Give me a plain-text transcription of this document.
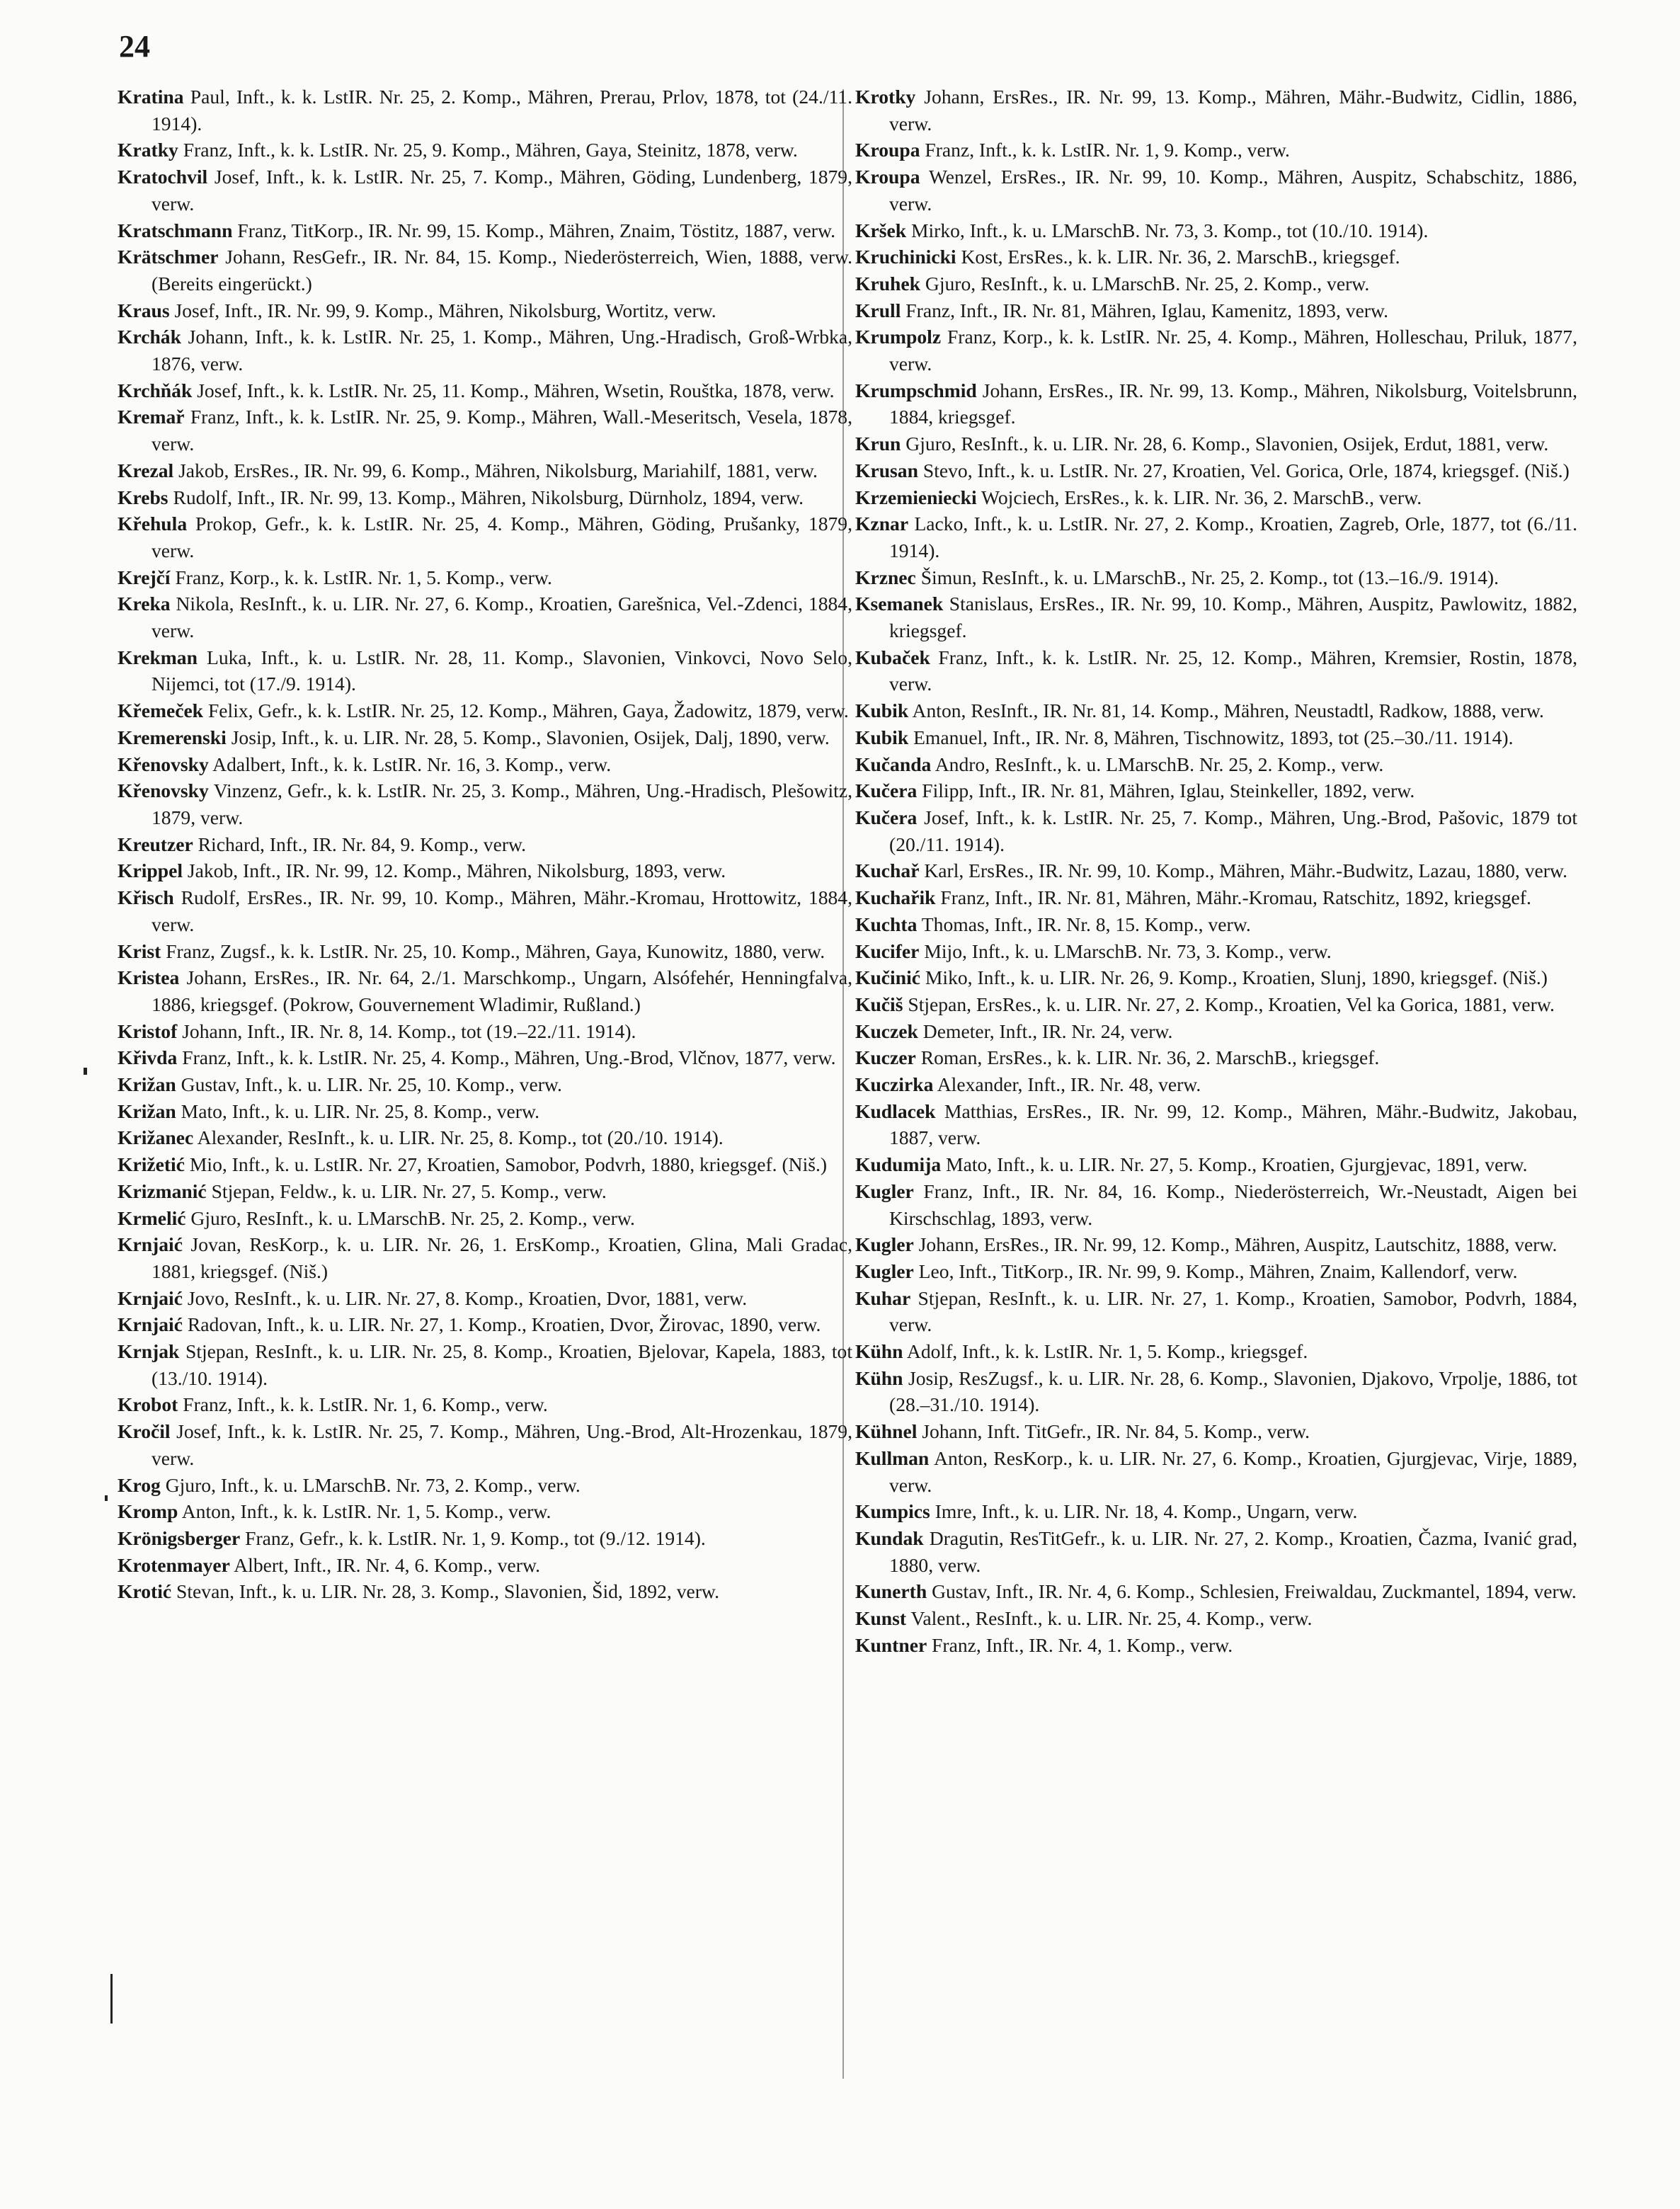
24

Kratina Paul, Inft., k. k. LstIR. Nr. 25, 2. Komp., Mähren, Prerau, Prlov, 1878, tot (24./11. 1914).

Kratky Franz, Inft., k. k. LstIR. Nr. 25, 9. Komp., Mähren, Gaya, Steinitz, 1878, verw.

Kratochvil Josef, Inft., k. k. LstIR. Nr. 25, 7. Komp., Mähren, Göding, Lundenberg, 1879, verw.

Kratschmann Franz, TitKorp., IR. Nr. 99, 15. Komp., Mähren, Znaim, Töstitz, 1887, verw.

Krätschmer Johann, ResGefr., IR. Nr. 84, 15. Komp., Niederösterreich, Wien, 1888, verw. (Bereits eingerückt.)

Kraus Josef, Inft., IR. Nr. 99, 9. Komp., Mähren, Nikolsburg, Wortitz, verw.

Krchák Johann, Inft., k. k. LstIR. Nr. 25, 1. Komp., Mähren, Ung.-Hradisch, Groß-Wrbka, 1876, verw.

Krchňák Josef, Inft., k. k. LstIR. Nr. 25, 11. Komp., Mähren, Wsetin, Rouštka, 1878, verw.

Kremař Franz, Inft., k. k. LstIR. Nr. 25, 9. Komp., Mähren, Wall.-Meseritsch, Vesela, 1878, verw.

Krezal Jakob, ErsRes., IR. Nr. 99, 6. Komp., Mähren, Nikolsburg, Mariahilf, 1881, verw.

Krebs Rudolf, Inft., IR. Nr. 99, 13. Komp., Mähren, Nikolsburg, Dürnholz, 1894, verw.

Křehula Prokop, Gefr., k. k. LstIR. Nr. 25, 4. Komp., Mähren, Göding, Prušanky, 1879, verw.

Krejčí Franz, Korp., k. k. LstIR. Nr. 1, 5. Komp., verw.

Kreka Nikola, ResInft., k. u. LIR. Nr. 27, 6. Komp., Kroatien, Garešnica, Vel.-Zdenci, 1884, verw.

Krekman Luka, Inft., k. u. LstIR. Nr. 28, 11. Komp., Slavonien, Vinkovci, Novo Selo, Nijemci, tot (17./9. 1914).

Křemeček Felix, Gefr., k. k. LstIR. Nr. 25, 12. Komp., Mähren, Gaya, Žadowitz, 1879, verw.

Kremerenski Josip, Inft., k. u. LIR. Nr. 28, 5. Komp., Slavonien, Osijek, Dalj, 1890, verw.

Křenovsky Adalbert, Inft., k. k. LstIR. Nr. 16, 3. Komp., verw.

Křenovsky Vinzenz, Gefr., k. k. LstIR. Nr. 25, 3. Komp., Mähren, Ung.-Hradisch, Plešowitz, 1879, verw.

Kreutzer Richard, Inft., IR. Nr. 84, 9. Komp., verw.

Krippel Jakob, Inft., IR. Nr. 99, 12. Komp., Mähren, Nikolsburg, 1893, verw.

Křisch Rudolf, ErsRes., IR. Nr. 99, 10. Komp., Mähren, Mähr.-Kromau, Hrottowitz, 1884, verw.

Krist Franz, Zugsf., k. k. LstIR. Nr. 25, 10. Komp., Mähren, Gaya, Kunowitz, 1880, verw.

Kristea Johann, ErsRes., IR. Nr. 64, 2./1. Marschkomp., Ungarn, Alsófehér, Henningfalva, 1886, kriegsgef. (Pokrow, Gouvernement Wladimir, Rußland.)

Kristof Johann, Inft., IR. Nr. 8, 14. Komp., tot (19.–22./11. 1914).

Křivda Franz, Inft., k. k. LstIR. Nr. 25, 4. Komp., Mähren, Ung.-Brod, Vlčnov, 1877, verw.

Križan Gustav, Inft., k. u. LIR. Nr. 25, 10. Komp., verw.

Križan Mato, Inft., k. u. LIR. Nr. 25, 8. Komp., verw.

Križanec Alexander, ResInft., k. u. LIR. Nr. 25, 8. Komp., tot (20./10. 1914).

Križetić Mio, Inft., k. u. LstIR. Nr. 27, Kroatien, Samobor, Podvrh, 1880, kriegsgef. (Niš.)

Krizmanić Stjepan, Feldw., k. u. LIR. Nr. 27, 5. Komp., verw.

Krmelić Gjuro, ResInft., k. u. LMarschB. Nr. 25, 2. Komp., verw.

Krnjaić Jovan, ResKorp., k. u. LIR. Nr. 26, 1. ErsKomp., Kroatien, Glina, Mali Gradac, 1881, kriegsgef. (Niš.)

Krnjaić Jovo, ResInft., k. u. LIR. Nr. 27, 8. Komp., Kroatien, Dvor, 1881, verw.

Krnjaić Radovan, Inft., k. u. LIR. Nr. 27, 1. Komp., Kroatien, Dvor, Žirovac, 1890, verw.

Krnjak Stjepan, ResInft., k. u. LIR. Nr. 25, 8. Komp., Kroatien, Bjelovar, Kapela, 1883, tot (13./10. 1914).

Krobot Franz, Inft., k. k. LstIR. Nr. 1, 6. Komp., verw.

Kročil Josef, Inft., k. k. LstIR. Nr. 25, 7. Komp., Mähren, Ung.-Brod, Alt-Hrozenkau, 1879, verw.

Krog Gjuro, Inft., k. u. LMarschB. Nr. 73, 2. Komp., verw.

Kromp Anton, Inft., k. k. LstIR. Nr. 1, 5. Komp., verw.

Krönigsberger Franz, Gefr., k. k. LstIR. Nr. 1, 9. Komp., tot (9./12. 1914).

Krotenmayer Albert, Inft., IR. Nr. 4, 6. Komp., verw.

Krotić Stevan, Inft., k. u. LIR. Nr. 28, 3. Komp., Slavonien, Šid, 1892, verw.

Krotky Johann, ErsRes., IR. Nr. 99, 13. Komp., Mähren, Mähr.-Budwitz, Cidlin, 1886, verw.

Kroupa Franz, Inft., k. k. LstIR. Nr. 1, 9. Komp., verw.

Kroupa Wenzel, ErsRes., IR. Nr. 99, 10. Komp., Mähren, Auspitz, Schabschitz, 1886, verw.

Kršek Mirko, Inft., k. u. LMarschB. Nr. 73, 3. Komp., tot (10./10. 1914).

Kruchinicki Kost, ErsRes., k. k. LIR. Nr. 36, 2. MarschB., kriegsgef.

Kruhek Gjuro, ResInft., k. u. LMarschB. Nr. 25, 2. Komp., verw.

Krull Franz, Inft., IR. Nr. 81, Mähren, Iglau, Kamenitz, 1893, verw.

Krumpolz Franz, Korp., k. k. LstIR. Nr. 25, 4. Komp., Mähren, Holleschau, Priluk, 1877, verw.

Krumpschmid Johann, ErsRes., IR. Nr. 99, 13. Komp., Mähren, Nikolsburg, Voitelsbrunn, 1884, kriegsgef.

Krun Gjuro, ResInft., k. u. LIR. Nr. 28, 6. Komp., Slavonien, Osijek, Erdut, 1881, verw.

Krusan Stevo, Inft., k. u. LstIR. Nr. 27, Kroatien, Vel. Gorica, Orle, 1874, kriegsgef. (Niš.)

Krzemieniecki Wojciech, ErsRes., k. k. LIR. Nr. 36, 2. MarschB., verw.

Kznar Lacko, Inft., k. u. LstIR. Nr. 27, 2. Komp., Kroatien, Zagreb, Orle, 1877, tot (6./11. 1914).

Krznec Šimun, ResInft., k. u. LMarschB., Nr. 25, 2. Komp., tot (13.–16./9. 1914).

Ksemanek Stanislaus, ErsRes., IR. Nr. 99, 10. Komp., Mähren, Auspitz, Pawlowitz, 1882, kriegsgef.

Kubaček Franz, Inft., k. k. LstIR. Nr. 25, 12. Komp., Mähren, Kremsier, Rostin, 1878, verw.

Kubik Anton, ResInft., IR. Nr. 81, 14. Komp., Mähren, Neustadtl, Radkow, 1888, verw.

Kubik Emanuel, Inft., IR. Nr. 8, Mähren, Tischnowitz, 1893, tot (25.–30./11. 1914).

Kučanda Andro, ResInft., k. u. LMarschB. Nr. 25, 2. Komp., verw.

Kučera Filipp, Inft., IR. Nr. 81, Mähren, Iglau, Steinkeller, 1892, verw.

Kučera Josef, Inft., k. k. LstIR. Nr. 25, 7. Komp., Mähren, Ung.-Brod, Pašovic, 1879 tot (20./11. 1914).

Kuchař Karl, ErsRes., IR. Nr. 99, 10. Komp., Mähren, Mähr.-Budwitz, Lazau, 1880, verw.

Kuchařik Franz, Inft., IR. Nr. 81, Mähren, Mähr.-Kromau, Ratschitz, 1892, kriegsgef.

Kuchta Thomas, Inft., IR. Nr. 8, 15. Komp., verw.

Kucifer Mijo, Inft., k. u. LMarschB. Nr. 73, 3. Komp., verw.

Kučinić Miko, Inft., k. u. LIR. Nr. 26, 9. Komp., Kroatien, Slunj, 1890, kriegsgef. (Niš.)

Kučiš Stjepan, ErsRes., k. u. LIR. Nr. 27, 2. Komp., Kroatien, Vel ka Gorica, 1881, verw.

Kuczek Demeter, Inft., IR. Nr. 24, verw.

Kuczer Roman, ErsRes., k. k. LIR. Nr. 36, 2. MarschB., kriegsgef.

Kuczirka Alexander, Inft., IR. Nr. 48, verw.

Kudlacek Matthias, ErsRes., IR. Nr. 99, 12. Komp., Mähren, Mähr.-Budwitz, Jakobau, 1887, verw.

Kudumija Mato, Inft., k. u. LIR. Nr. 27, 5. Komp., Kroatien, Gjurgjevac, 1891, verw.

Kugler Franz, Inft., IR. Nr. 84, 16. Komp., Niederösterreich, Wr.-Neustadt, Aigen bei Kirschschlag, 1893, verw.

Kugler Johann, ErsRes., IR. Nr. 99, 12. Komp., Mähren, Auspitz, Lautschitz, 1888, verw.

Kugler Leo, Inft., TitKorp., IR. Nr. 99, 9. Komp., Mähren, Znaim, Kallendorf, verw.

Kuhar Stjepan, ResInft., k. u. LIR. Nr. 27, 1. Komp., Kroatien, Samobor, Podvrh, 1884, verw.

Kühn Adolf, Inft., k. k. LstIR. Nr. 1, 5. Komp., kriegsgef.

Kühn Josip, ResZugsf., k. u. LIR. Nr. 28, 6. Komp., Slavonien, Djakovo, Vrpolje, 1886, tot (28.–31./10. 1914).

Kühnel Johann, Inft. TitGefr., IR. Nr. 84, 5. Komp., verw.

Kullman Anton, ResKorp., k. u. LIR. Nr. 27, 6. Komp., Kroatien, Gjurgjevac, Virje, 1889, verw.

Kumpics Imre, Inft., k. u. LIR. Nr. 18, 4. Komp., Ungarn, verw.

Kundak Dragutin, ResTitGefr., k. u. LIR. Nr. 27, 2. Komp., Kroatien, Čazma, Ivanić grad, 1880, verw.

Kunerth Gustav, Inft., IR. Nr. 4, 6. Komp., Schlesien, Freiwaldau, Zuckmantel, 1894, verw.

Kunst Valent., ResInft., k. u. LIR. Nr. 25, 4. Komp., verw.

Kuntner Franz, Inft., IR. Nr. 4, 1. Komp., verw.
